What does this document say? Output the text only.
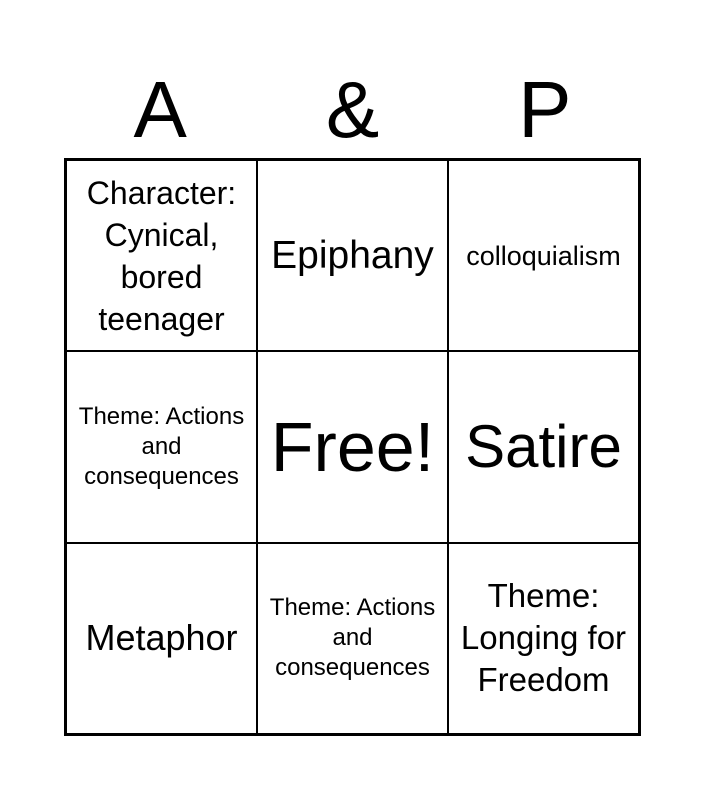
A	&	P
Character: Cynical, bored teenager
Epiphany colloquialism
Theme: Actions and consequences Free! Satire
Metaphor
Theme: Actions and consequences
Theme: Longing for Freedom
